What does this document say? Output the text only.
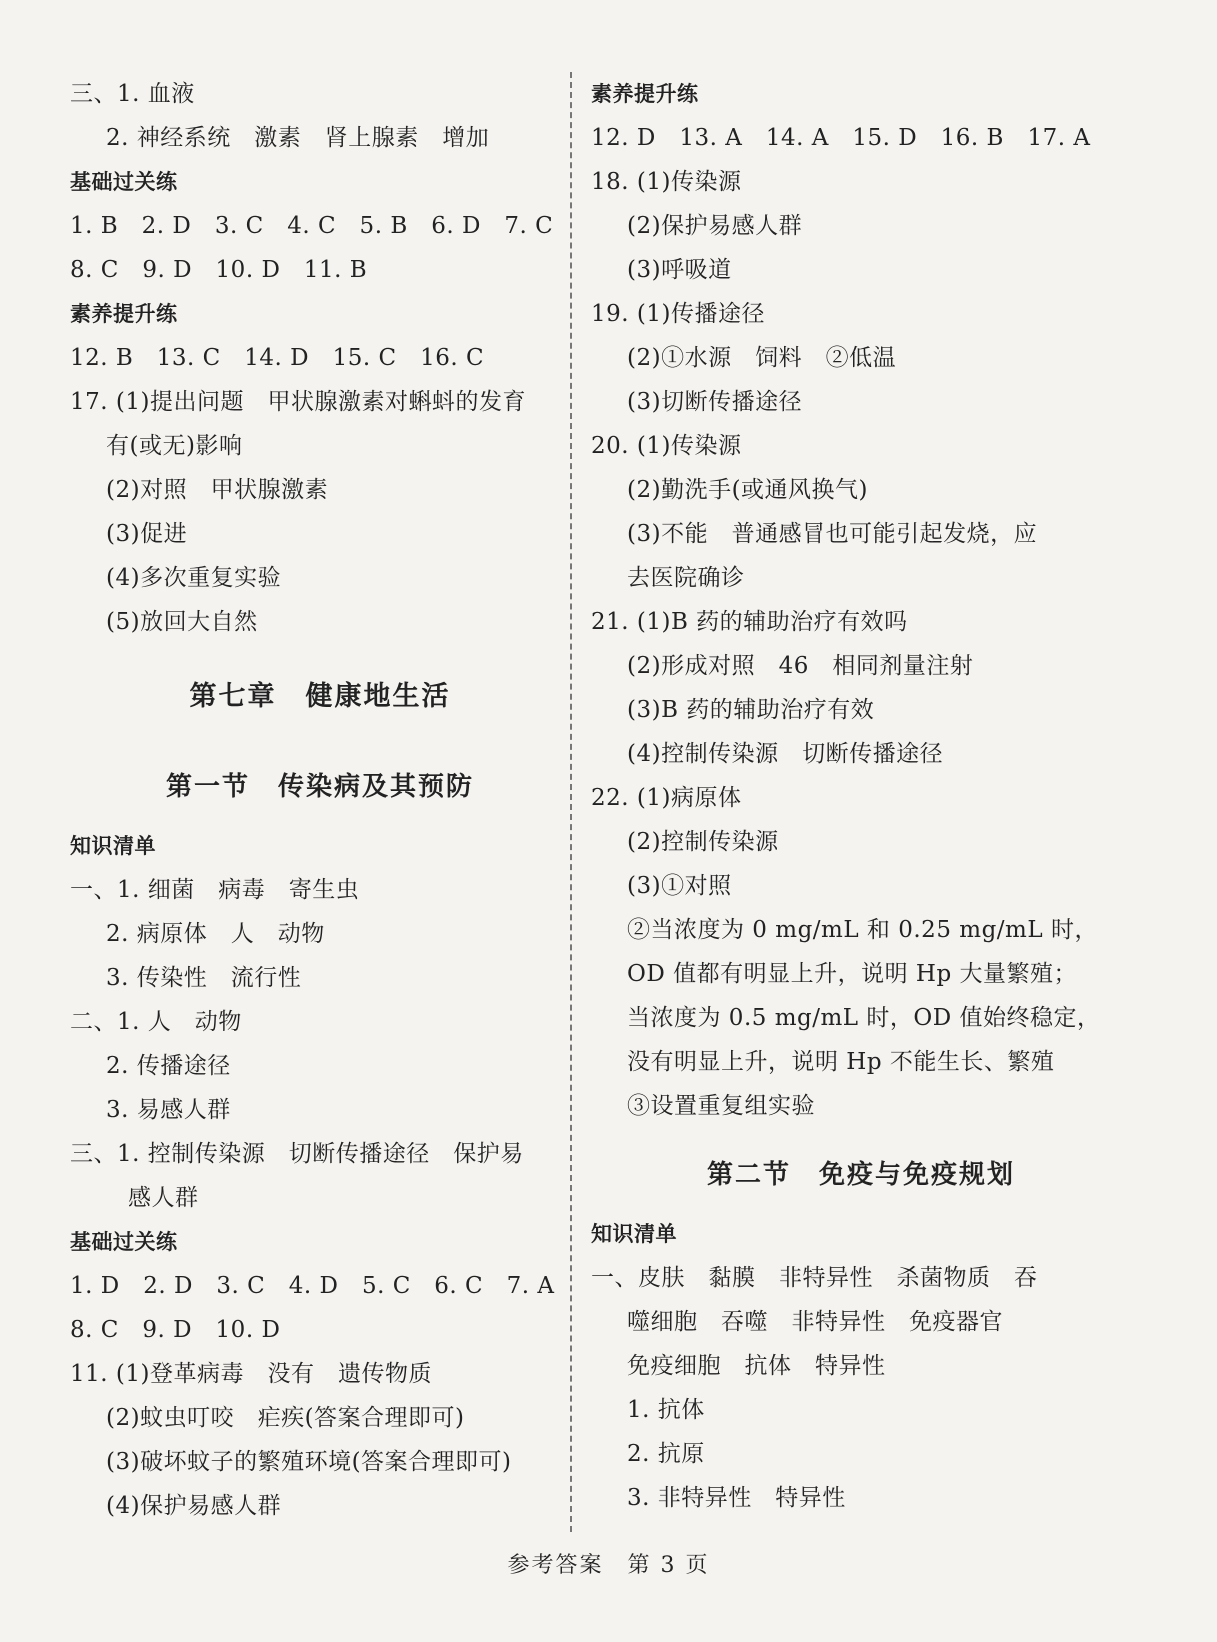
三、1. 血液
2. 神经系统　激素　肾上腺素　增加
基础过关练
1. B　2. D　3. C　4. C　5. B　6. D　7. C
8. C　9. D　10. D　11. B
素养提升练
12. B　13. C　14. D　15. C　16. C
17. (1)提出问题　甲状腺激素对蝌蚪的发育
有(或无)影响
(2)对照　甲状腺激素
(3)促进
(4)多次重复实验
(5)放回大自然
第七章　健康地生活
第一节　传染病及其预防
知识清单
一、1. 细菌　病毒　寄生虫
2. 病原体　人　动物
3. 传染性　流行性
二、1. 人　动物
2. 传播途径
3. 易感人群
三、1. 控制传染源　切断传播途径　保护易
感人群
基础过关练
1. D　2. D　3. C　4. D　5. C　6. C　7. A
8. C　9. D　10. D
11. (1)登革病毒　没有　遗传物质
(2)蚊虫叮咬　疟疾(答案合理即可)
(3)破坏蚊子的繁殖环境(答案合理即可)
(4)保护易感人群
素养提升练
12. D　13. A　14. A　15. D　16. B　17. A
18. (1)传染源
(2)保护易感人群
(3)呼吸道
19. (1)传播途径
(2)①水源　饲料　②低温
(3)切断传播途径
20. (1)传染源
(2)勤洗手(或通风换气)
(3)不能　普通感冒也可能引起发烧，应
去医院确诊
21. (1)B 药的辅助治疗有效吗
(2)形成对照　46　相同剂量注射
(3)B 药的辅助治疗有效
(4)控制传染源　切断传播途径
22. (1)病原体
(2)控制传染源
(3)①对照
②当浓度为 0 mg/mL 和 0.25 mg/mL 时，
OD 值都有明显上升，说明 Hp 大量繁殖；
当浓度为 0.5 mg/mL 时，OD 值始终稳定，
没有明显上升，说明 Hp 不能生长、繁殖
③设置重复组实验
第二节　免疫与免疫规划
知识清单
一、皮肤　黏膜　非特异性　杀菌物质　吞
噬细胞　吞噬　非特异性　免疫器官
免疫细胞　抗体　特异性
1. 抗体
2. 抗原
3. 非特异性　特异性
参考答案　第 3 页
